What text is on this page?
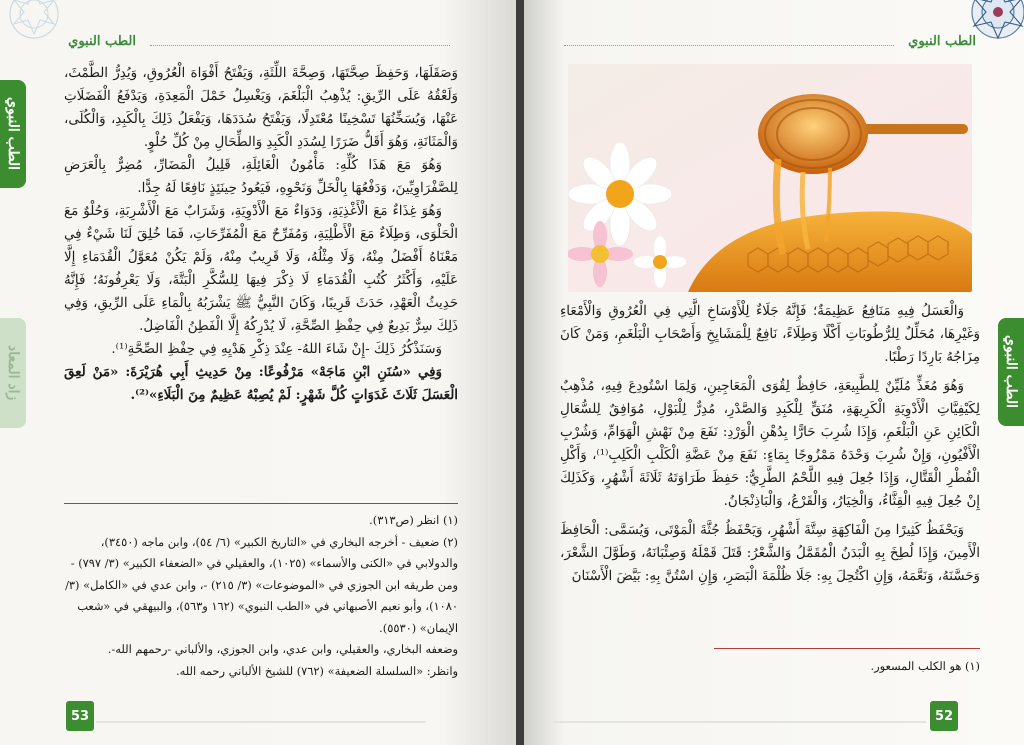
الطب النبوي
الطب النبوي
زاد المعاد

وَصَقَلَهَا، وَحَفِظَ صِحَّتَهَا، وَصِحَّةَ اللِّثَةِ، وَيَفْتَحُ أَفْوَاهَ الْعُرُوقِ، وَيُدِرُّ الطَّمْثَ، وَلَعْقُهُ عَلَى الرِّيقِ: يُذْهِبُ الْبَلْغَمَ، وَيَغْسِلُ خَمْلَ الْمَعِدَةِ، وَيَدْفَعُ الْفَضَلَاتِ عَنْهَا، وَيُسَخِّنُهَا تَسْخِينًا مُعْتَدِلًا، وَيَفْتَحُ سُدَدَهَا، وَيَفْعَلُ ذَلِكَ بِالْكَبِدِ، وَالْكُلَى، وَالْمَثَانَةِ، وَهُوَ أَقَلُّ ضَرَرًا لِسُدَدِ الْكَبِدِ وَالطِّحَالِ مِنْ كُلِّ حُلْوٍ.

وَهُوَ مَعَ هَذَا كُلِّهِ: مَأْمُونُ الْغَائِلَةِ، قَلِيلُ الْمَضَارِّ، مُضِرٌّ بِالْعَرَضِ لِلصَّفْرَاوِيِّينَ، وَدَفْعُهَا بِالْخَلِّ وَنَحْوِهِ، فَيَعُودُ حِينَئِذٍ نَافِعًا لَهُ جِدًّا.

وَهُوَ غِذَاءٌ مَعَ الْأَغْذِيَةِ، وَدَوَاءٌ مَعَ الْأَدْوِيَةِ، وَشَرَابٌ مَعَ الْأَشْرِبَةِ، وَحُلْوٌ مَعَ الْحَلْوَى، وَطِلَاءٌ مَعَ الْأَطْلِيَةِ، وَمُفَرِّحٌ مَعَ الْمُفَرِّحَاتِ، فَمَا خُلِقَ لَنَا شَيْءٌ فِي مَعْنَاهُ أَفْضَلُ مِنْهُ، وَلَا مِثْلُهُ، وَلَا قَرِيبٌ مِنْهُ، وَلَمْ يَكُنْ مُعَوَّلُ الْقُدَمَاءِ إِلَّا عَلَيْهِ، وَأَكْثَرُ كُتُبِ الْقُدَمَاءِ لَا ذِكْرَ فِيهَا لِلسُّكَّرِ الْبَتَّةَ، وَلَا يَعْرِفُونَهُ؛ فَإِنَّهُ حَدِيثُ الْعَهْدِ، حَدَثَ قَرِيبًا، وَكَانَ النَّبِيُّ ﷺ يَشْرَبُهُ بِالْمَاءِ عَلَى الرِّيقِ، وَفِي ذَلِكَ سِرٌّ بَدِيعٌ فِي حِفْظِ الصِّحَّةِ، لَا يُدْرِكُهُ إِلَّا الْفَطِنُ الْفَاضِلُ.

وَسَنَذْكُرُ ذَلِكَ -إِنْ شَاءَ اللهُ- عِنْدَ ذِكْرِ هَدْيِهِ فِي حِفْظِ الصِّحَّةِ⁽¹⁾.

وَفِي «سُنَنِ ابْنِ مَاجَهْ» مَرْفُوعًا: مِنْ حَدِيثِ أَبِي هُرَيْرَةَ: «مَنْ لَعِقَ الْعَسَلَ ثَلَاثَ غَدَوَاتٍ كُلَّ شَهْرٍ: لَمْ يُصِبْهُ عَظِيمٌ مِنَ الْبَلَاءِ»⁽²⁾.

(١) انظر (ص٣١٣).
(٢) ضعيف - أخرجه البخاري في «التاريخ الكبير» (٦/ ٥٤)، وابن ماجه (٣٤٥٠)، والدولابي في «الكنى والأسماء» (١٠٢٥)، والعقيلي في «الضعفاء الكبير» (٣/ ٧٩٧) - ومن طريقه ابن الجوزي في «الموضوعات» (٣/ ٢١٥) -، وابن عدي في «الكامل» (٣/ ١٠٨٠)، وأبو نعيم الأصبهاني في «الطب النبوي» (١٦٢ و٥٦٣)، والبيهقي في «شعب الإيمان» (٥٥٣٠).
وضعفه البخاري، والعقيلي، وابن عدي، وابن الجوزي، والألباني -رحمهم الله-.
وانظر: «السلسلة الضعيفة» (٧٦٢) للشيخ الألباني رحمه الله.
53
الطب النبوي
الطب النبوي

وَالْعَسَلُ فِيهِ مَنَافِعُ عَظِيمَةٌ؛ فَإِنَّهُ جَلَاءٌ لِلْأَوْسَاخِ الَّتِي فِي الْعُرُوقِ وَالْأَمْعَاءِ وَغَيْرِهَا، مُحَلِّلٌ لِلرُّطُوبَاتِ أَكْلًا وَطِلَاءً، نَافِعٌ لِلْمَشَايِخِ وَأَصْحَابِ الْبَلْغَمِ، وَمَنْ كَانَ مِزَاجُهُ بَارِدًا رَطْبًا.

وَهُوَ مُغَذٍّ مُلَيِّنٌ لِلطَّبِيعَةِ، حَافِظٌ لِقُوَى الْمَعَاجِينِ، وَلِمَا اسْتُودِعَ فِيهِ، مُذْهِبٌ لِكَيْفِيَّاتِ الْأَدْوِيَةِ الْكَرِيهَةِ، مُنَقٍّ لِلْكَبِدِ وَالصَّدْرِ، مُدِرٌّ لِلْبَوْلِ، مُوَافِقٌ لِلسُّعَالِ الْكَائِنِ عَنِ الْبَلْغَمِ، وَإِذَا شُرِبَ حَارًّا بِدُهْنِ الْوَرْدِ: نَفَعَ مِنْ نَهْشِ الْهَوَامِّ، وَشُرْبِ الْأَفْيُونِ، وَإِنْ شُرِبَ وَحْدَهُ مَمْزُوجًا بِمَاءٍ: نَفَعَ مِنْ عَضَّةِ الْكَلْبِ الْكَلِبِ⁽¹⁾، وَأَكْلِ الْفُطْرِ الْقَتَّالِ، وَإِذَا جُعِلَ فِيهِ اللَّحْمُ الطَّرِيُّ: حَفِظَ طَرَاوَتَهُ ثَلَاثَةَ أَشْهُرٍ، وَكَذَلِكَ إِنْ جُعِلَ فِيهِ الْقِثَّاءُ، وَالْخِيَارُ، وَالْقَرْعُ، وَالْبَاذِنْجَانُ.

وَيَحْفَظُ كَثِيرًا مِنَ الْفَاكِهَةِ سِتَّةَ أَشْهُرٍ، وَيَحْفَظُ جُثَّةَ الْمَوْتَى، وَيُسَمَّى: الْحَافِظَ الْأَمِينَ، وَإِذَا لُطِخَ بِهِ الْبَدَنُ الْمُقَمَّلُ وَالشَّعْرُ: قَتَلَ قَمْلَهُ وَصِئْبَانَهُ، وَطَوَّلَ الشَّعْرَ، وَحَسَّنَهُ، وَنَعَّمَهُ، وَإِنِ اكْتُحِلَ بِهِ: جَلَا ظُلْمَةَ الْبَصَرِ، وَإِنِ اسْتُنَّ بِهِ: بَيَّضَ الْأَسْنَانَ

(١) هو الكلب المسعور.
52
